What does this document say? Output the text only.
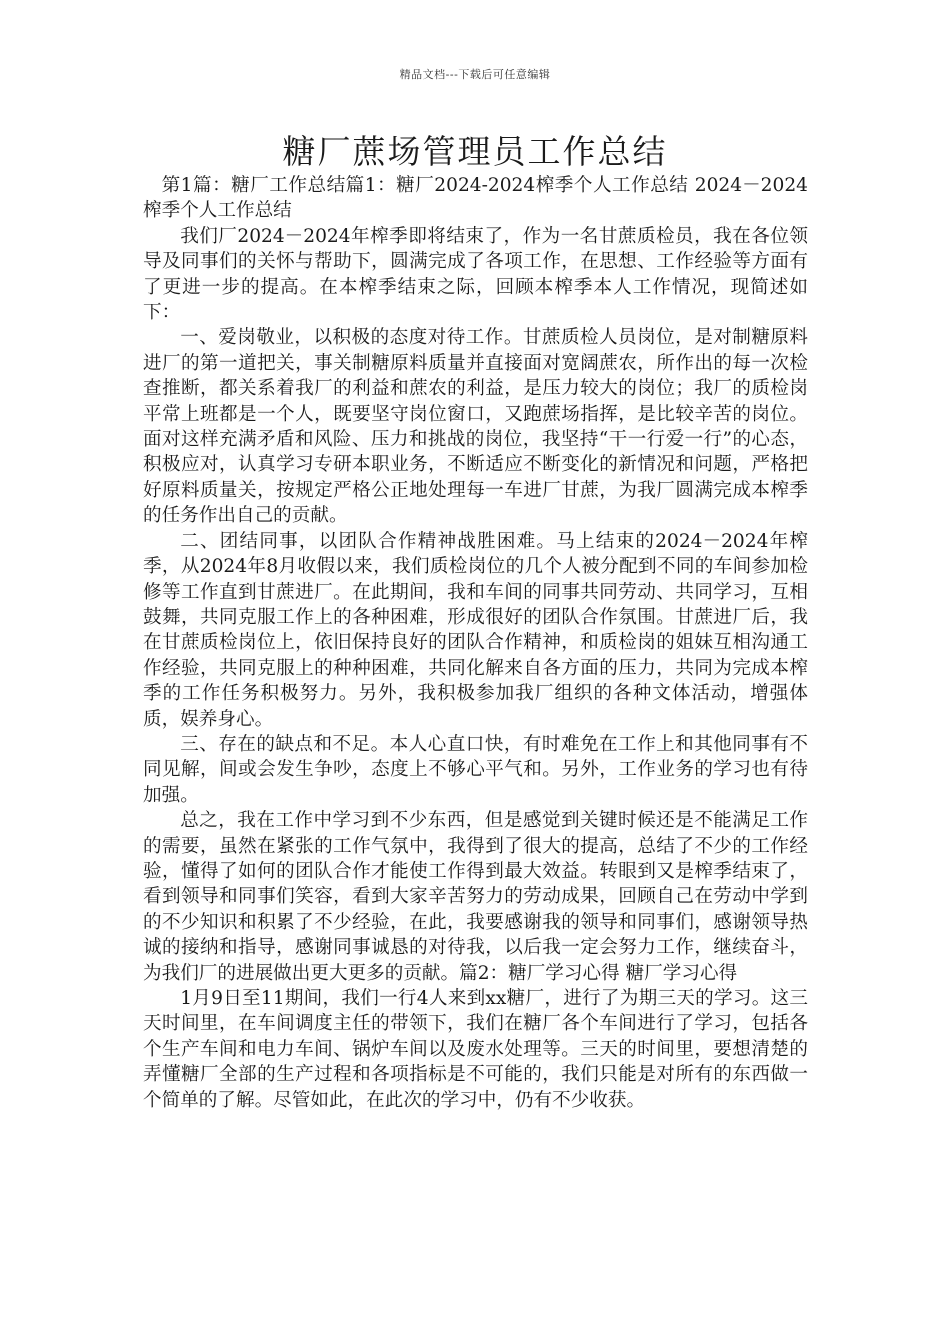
精品文档---下载后可任意编辑
糖厂蔗场管理员工作总结

第1篇：糖厂工作总结篇1：糖厂2024-2024榨季个人工作总结 2024－2024榨季个人工作总结

我们厂2024－2024年榨季即将结束了，作为一名甘蔗质检员，我在各位领导及同事们的关怀与帮助下，圆满完成了各项工作，在思想、工作经验等方面有了更进一步的提高。在本榨季结束之际，回顾本榨季本人工作情况，现简述如下：

一、爱岗敬业，以积极的态度对待工作。甘蔗质检人员岗位，是对制糖原料进厂的第一道把关，事关制糖原料质量并直接面对宽阔蔗农，所作出的每一次检查推断，都关系着我厂的利益和蔗农的利益，是压力较大的岗位；我厂的质检岗平常上班都是一个人，既要坚守岗位窗口，又跑蔗场指挥，是比较辛苦的岗位。面对这样充满矛盾和风险、压力和挑战的岗位，我坚持“干一行爱一行”的心态，积极应对，认真学习专研本职业务，不断适应不断变化的新情况和问题，严格把好原料质量关，按规定严格公正地处理每一车进厂甘蔗，为我厂圆满完成本榨季的任务作出自己的贡献。

二、团结同事，以团队合作精神战胜困难。马上结束的2024－2024年榨季，从2024年8月收假以来，我们质检岗位的几个人被分配到不同的车间参加检修等工作直到甘蔗进厂。在此期间，我和车间的同事共同劳动、共同学习，互相鼓舞，共同克服工作上的各种困难，形成很好的团队合作氛围。甘蔗进厂后，我在甘蔗质检岗位上，依旧保持良好的团队合作精神，和质检岗的姐妹互相沟通工作经验，共同克服上的种种困难，共同化解来自各方面的压力，共同为完成本榨季的工作任务积极努力。另外，我积极参加我厂组织的各种文体活动，增强体质，娱养身心。

三、存在的缺点和不足。本人心直口快，有时难免在工作上和其他同事有不同见解，间或会发生争吵，态度上不够心平气和。另外，工作业务的学习也有待加强。

总之，我在工作中学习到不少东西，但是感觉到关键时候还是不能满足工作的需要，虽然在紧张的工作气氛中，我得到了很大的提高，总结了不少的工作经验，懂得了如何的团队合作才能使工作得到最大效益。转眼到又是榨季结束了，看到领导和同事们笑容，看到大家辛苦努力的劳动成果，回顾自己在劳动中学到的不少知识和积累了不少经验，在此，我要感谢我的领导和同事们，感谢领导热诚的接纳和指导，感谢同事诚恳的对待我，以后我一定会努力工作，继续奋斗，为我们厂的进展做出更大更多的贡献。篇2：糖厂学习心得 糖厂学习心得

1月9日至11期间，我们一行4人来到xx糖厂，进行了为期三天的学习。这三天时间里，在车间调度主任的带领下，我们在糖厂各个车间进行了学习，包括各个生产车间和电力车间、锅炉车间以及废水处理等。三天的时间里，要想清楚的弄懂糖厂全部的生产过程和各项指标是不可能的，我们只能是对所有的东西做一个简单的了解。尽管如此，在此次的学习中，仍有不少收获。
